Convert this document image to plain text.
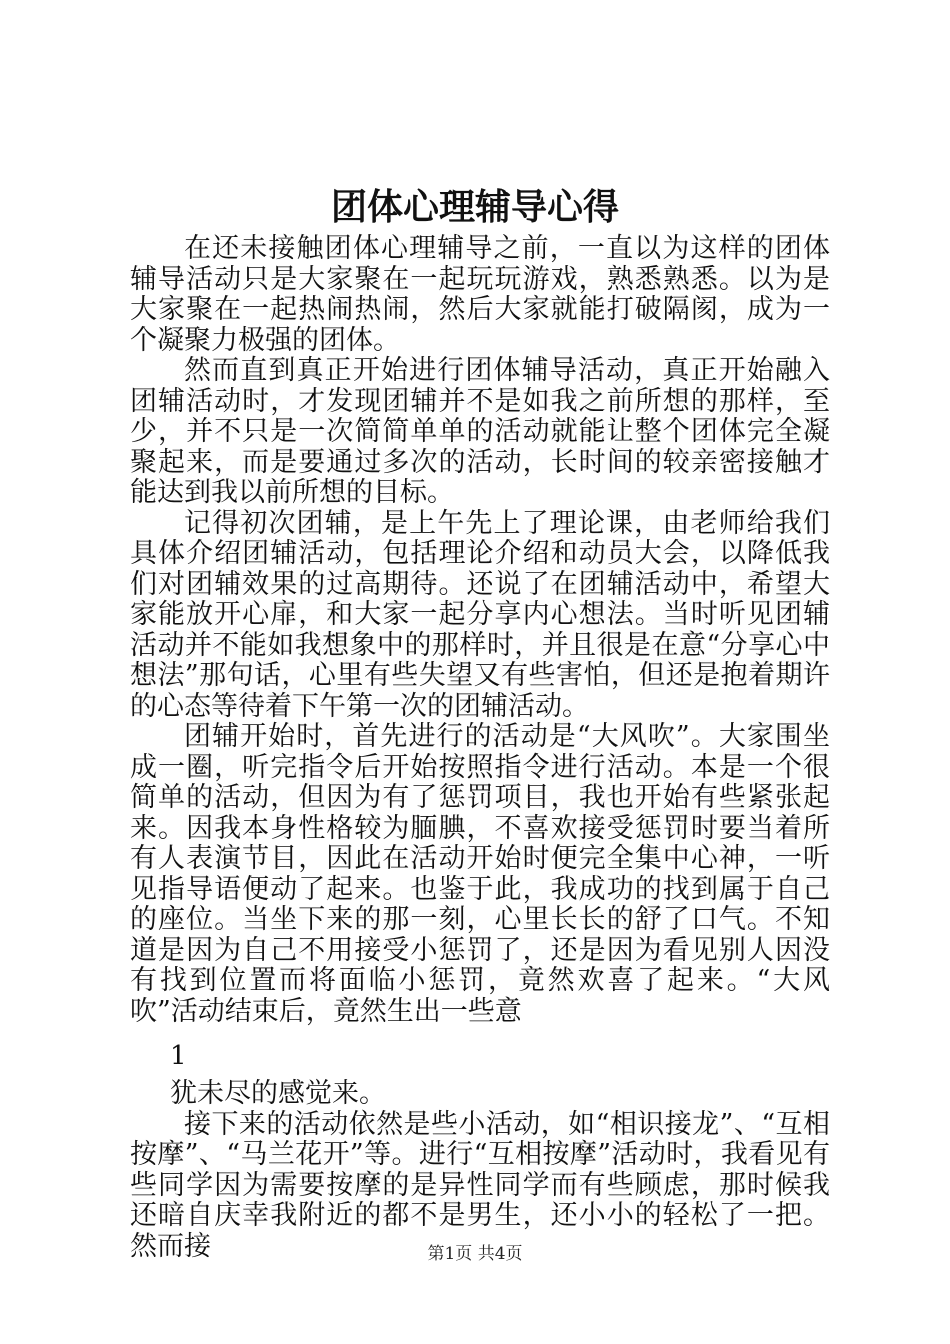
团体心理辅导心得

在还未接触团体心理辅导之前，一直以为这样的团体辅导活动只是大家聚在一起玩玩游戏，熟悉熟悉。以为是大家聚在一起热闹热闹，然后大家就能打破隔阂，成为一个凝聚力极强的团体。

然而直到真正开始进行团体辅导活动，真正开始融入团辅活动时，才发现团辅并不是如我之前所想的那样，至少，并不只是一次简简单单的活动就能让整个团体完全凝聚起来，而是要通过多次的活动，长时间的较亲密接触才能达到我以前所想的目标。

记得初次团辅，是上午先上了理论课，由老师给我们具体介绍团辅活动，包括理论介绍和动员大会，以降低我们对团辅效果的过高期待。还说了在团辅活动中，希望大家能放开心扉，和大家一起分享内心想法。当时听见团辅活动并不能如我想象中的那样时，并且很是在意“分享心中想法”那句话，心里有些失望又有些害怕，但还是抱着期许的心态等待着下午第一次的团辅活动。

团辅开始时，首先进行的活动是“大风吹”。大家围坐成一圈，听完指令后开始按照指令进行活动。本是一个很简单的活动，但因为有了惩罚项目，我也开始有些紧张起来。因我本身性格较为腼腆，不喜欢接受惩罚时要当着所有人表演节目，因此在活动开始时便完全集中心神，一听见指导语便动了起来。也鉴于此，我成功的找到属于自己的座位。当坐下来的那一刻，心里长长的舒了口气。不知道是因为自己不用接受小惩罚了，还是因为看见别人因没有找到位置而将面临小惩罚，竟然欢喜了起来。“大风吹”活动结束后，竟然生出一些意

1

犹未尽的感觉来。

接下来的活动依然是些小活动，如“相识接龙”、“互相按摩”、“马兰花开”等。进行“互相按摩”活动时，我看见有些同学因为需要按摩的是异性同学而有些顾虑，那时候我还暗自庆幸我附近的都不是男生，还小小的轻松了一把。然而接	第1页 共4页
